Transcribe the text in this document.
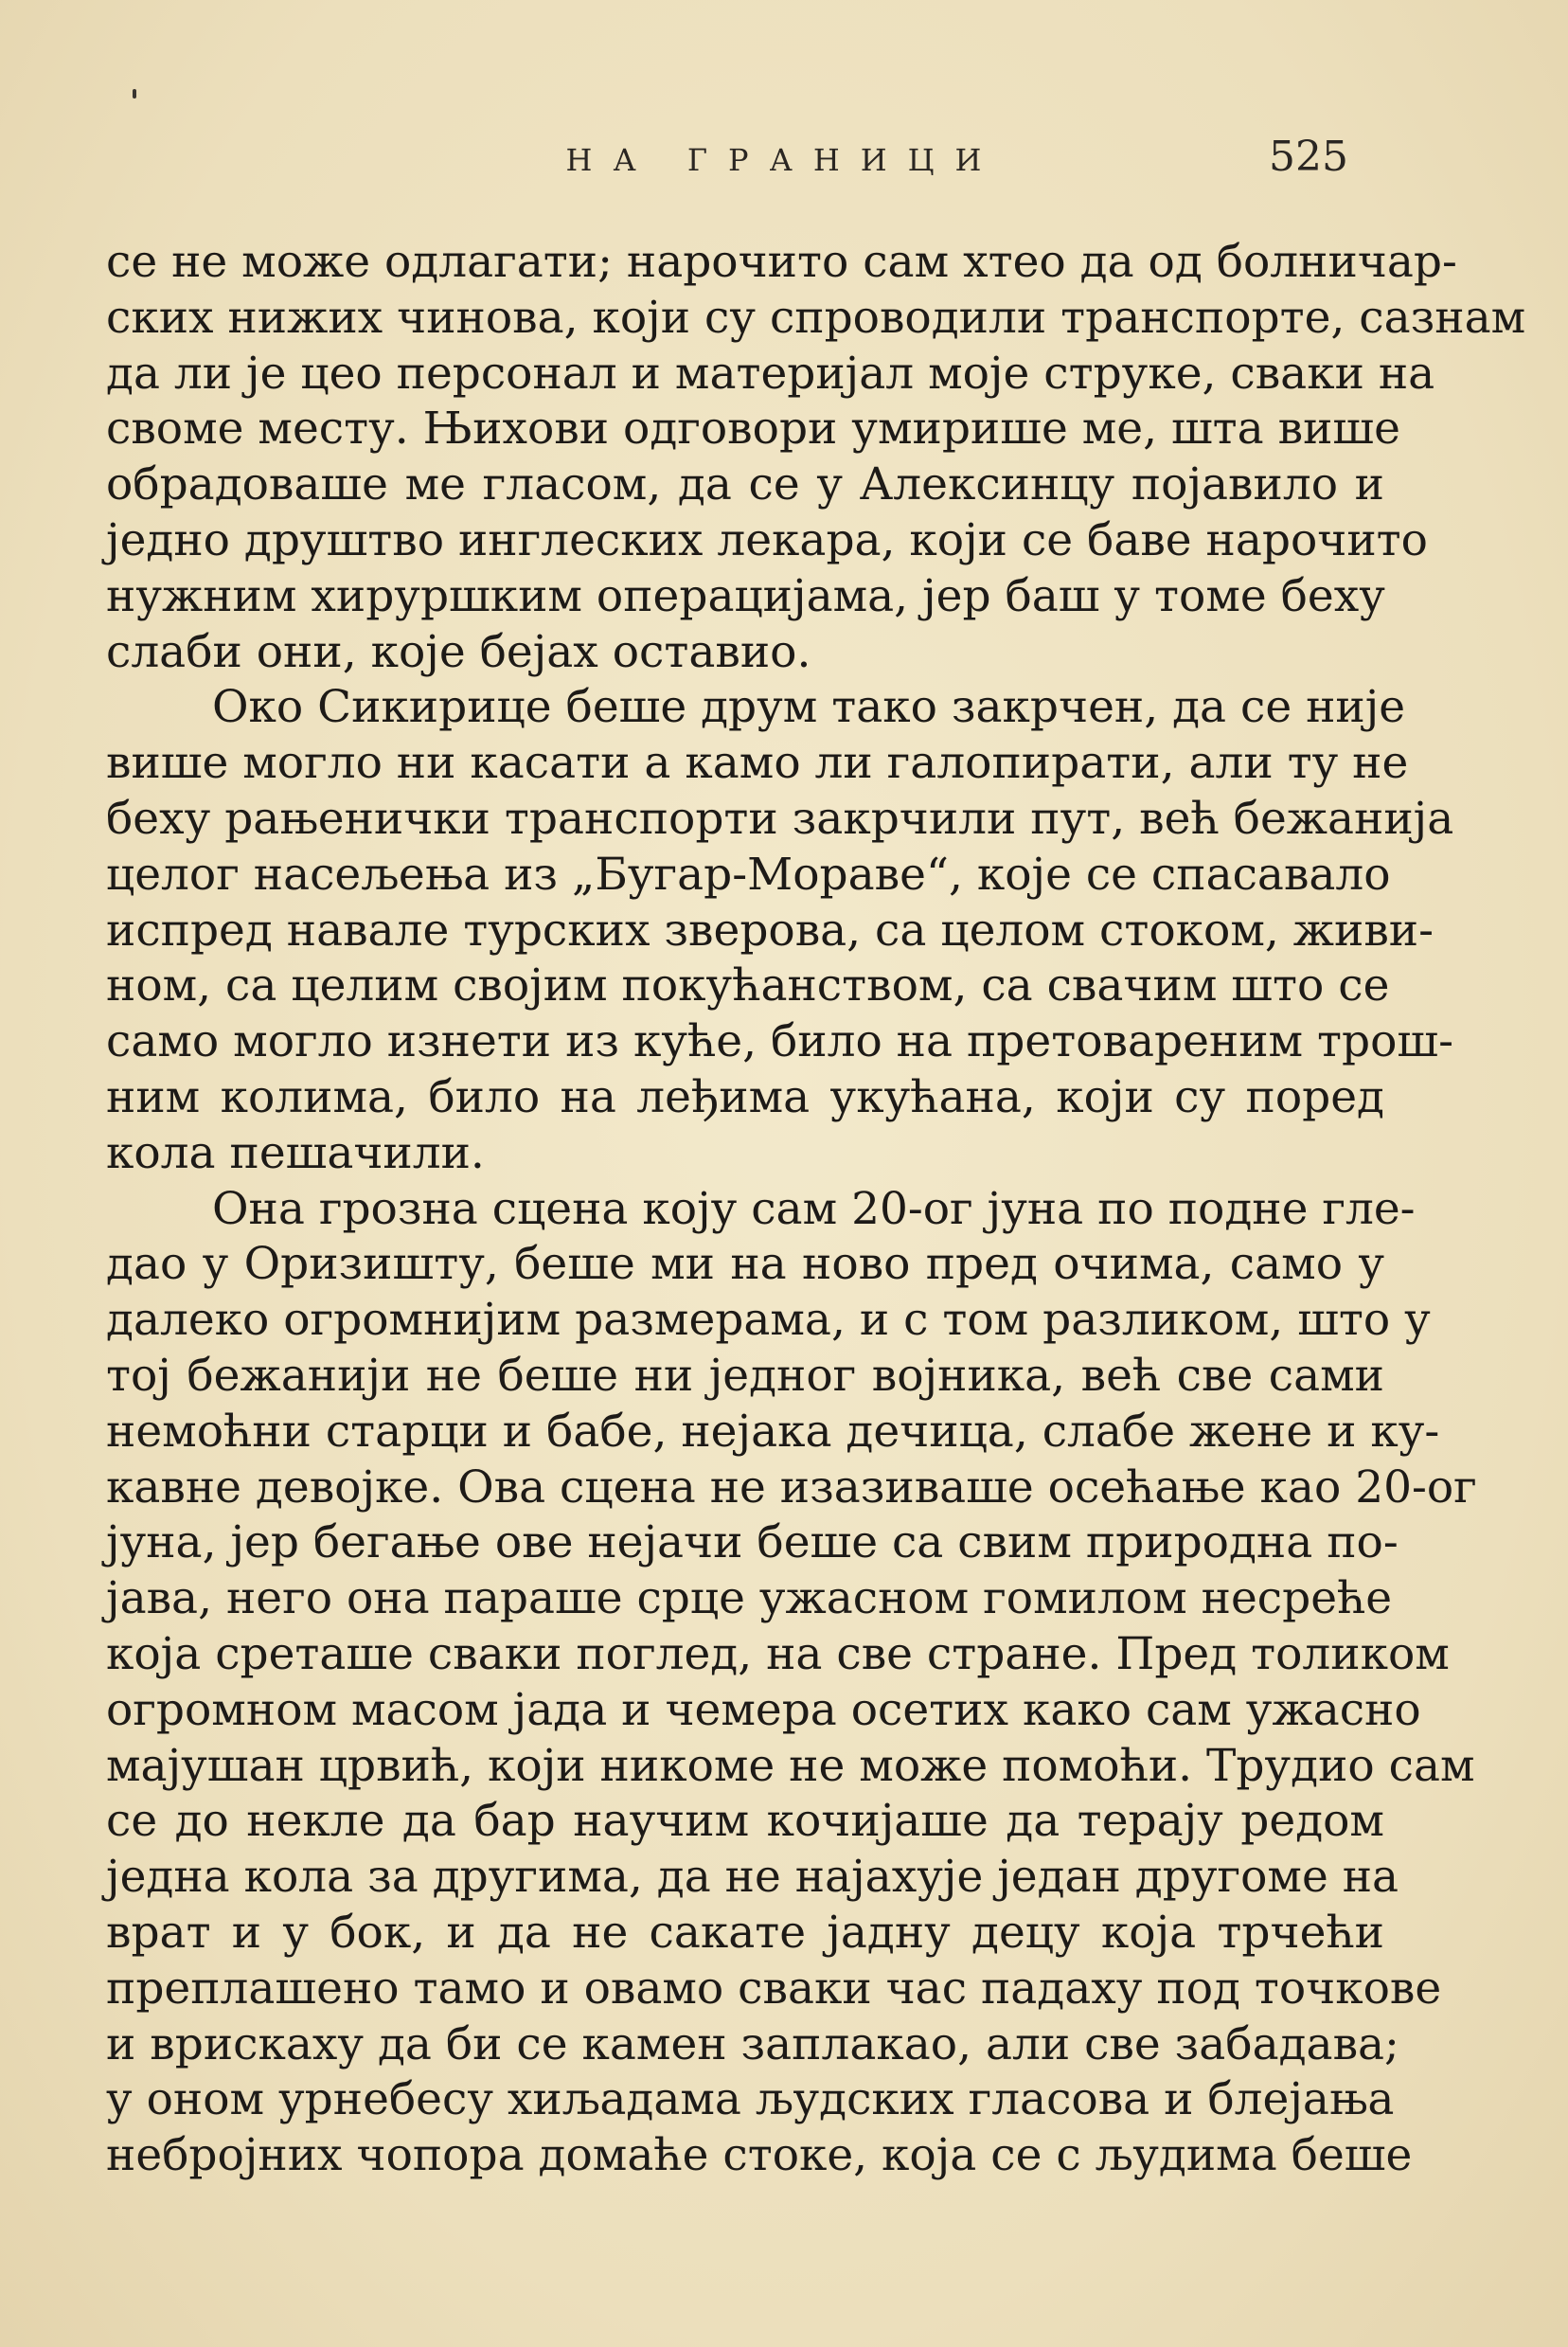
НА ГРАНИЦИ	525
се не може одлагати; нарочито сам хтео да од болничар-
ских нижих чинова, који су спроводили транспорте, сазнам
да ли је цео персонал и материјал моје струке, сваки на
своме месту. Њихови одговори умирише ме, шта више
обрадоваше ме гласом, да се у Алексинцу појавило и
једно друштво инглеских лекара, који се баве нарочито
нужним хируршким операцијама, јер баш у томе беху
слаби они, које бејах оставио.
Око Сикирице беше друм тако закрчен, да се није
више могло ни касати а камо ли галопирати, али ту не
беху рањенички транспорти закрчили пут, већ бежанија
целог насељења из „Бугар-Мораве“, које се спасавало
испред навале турских зверова, са целом стоком, живи-
ном, са целим својим покућанством, са свачим што се
само могло изнети из куће, било на претовареним трош-
ним колима, било на леђима укућана, који су поред
кола пешачили.
Она грозна сцена коју сам 20-ог јуна по подне гле-
дао у Оризишту, беше ми на ново пред очима, само у
далеко огромнијим размерама, и с том разликом, што у
тој бежанији не беше ни једног војника, већ све сами
немоћни старци и бабе, нејака дечица, слабе жене и ку-
кавне девојке. Ова сцена не изазиваше осећање као 20-ог
јуна, јер бегање ове нејачи беше са свим природна по-
јава, него она параше срце ужасном гомилом несреће
која среташе сваки поглед, на све стране. Пред толиком
огромном масом јада и чемера осетих како сам ужасно
мајушан црвић, који никоме не може помоћи. Трудио сам
се до некле да бар научим кочијаше да терају редом
једна кола за другима, да не најахује један другоме на
врат и у бок, и да не сакате јадну децу која трчећи
преплашено тамо и овамо сваки час падаху под точкове
и врискаху да би се камен заплакао, али све забадава;
у оном урнебесу хиљадама људских гласова и блејања
небројних чопора домаће стоке, која се с људима беше
